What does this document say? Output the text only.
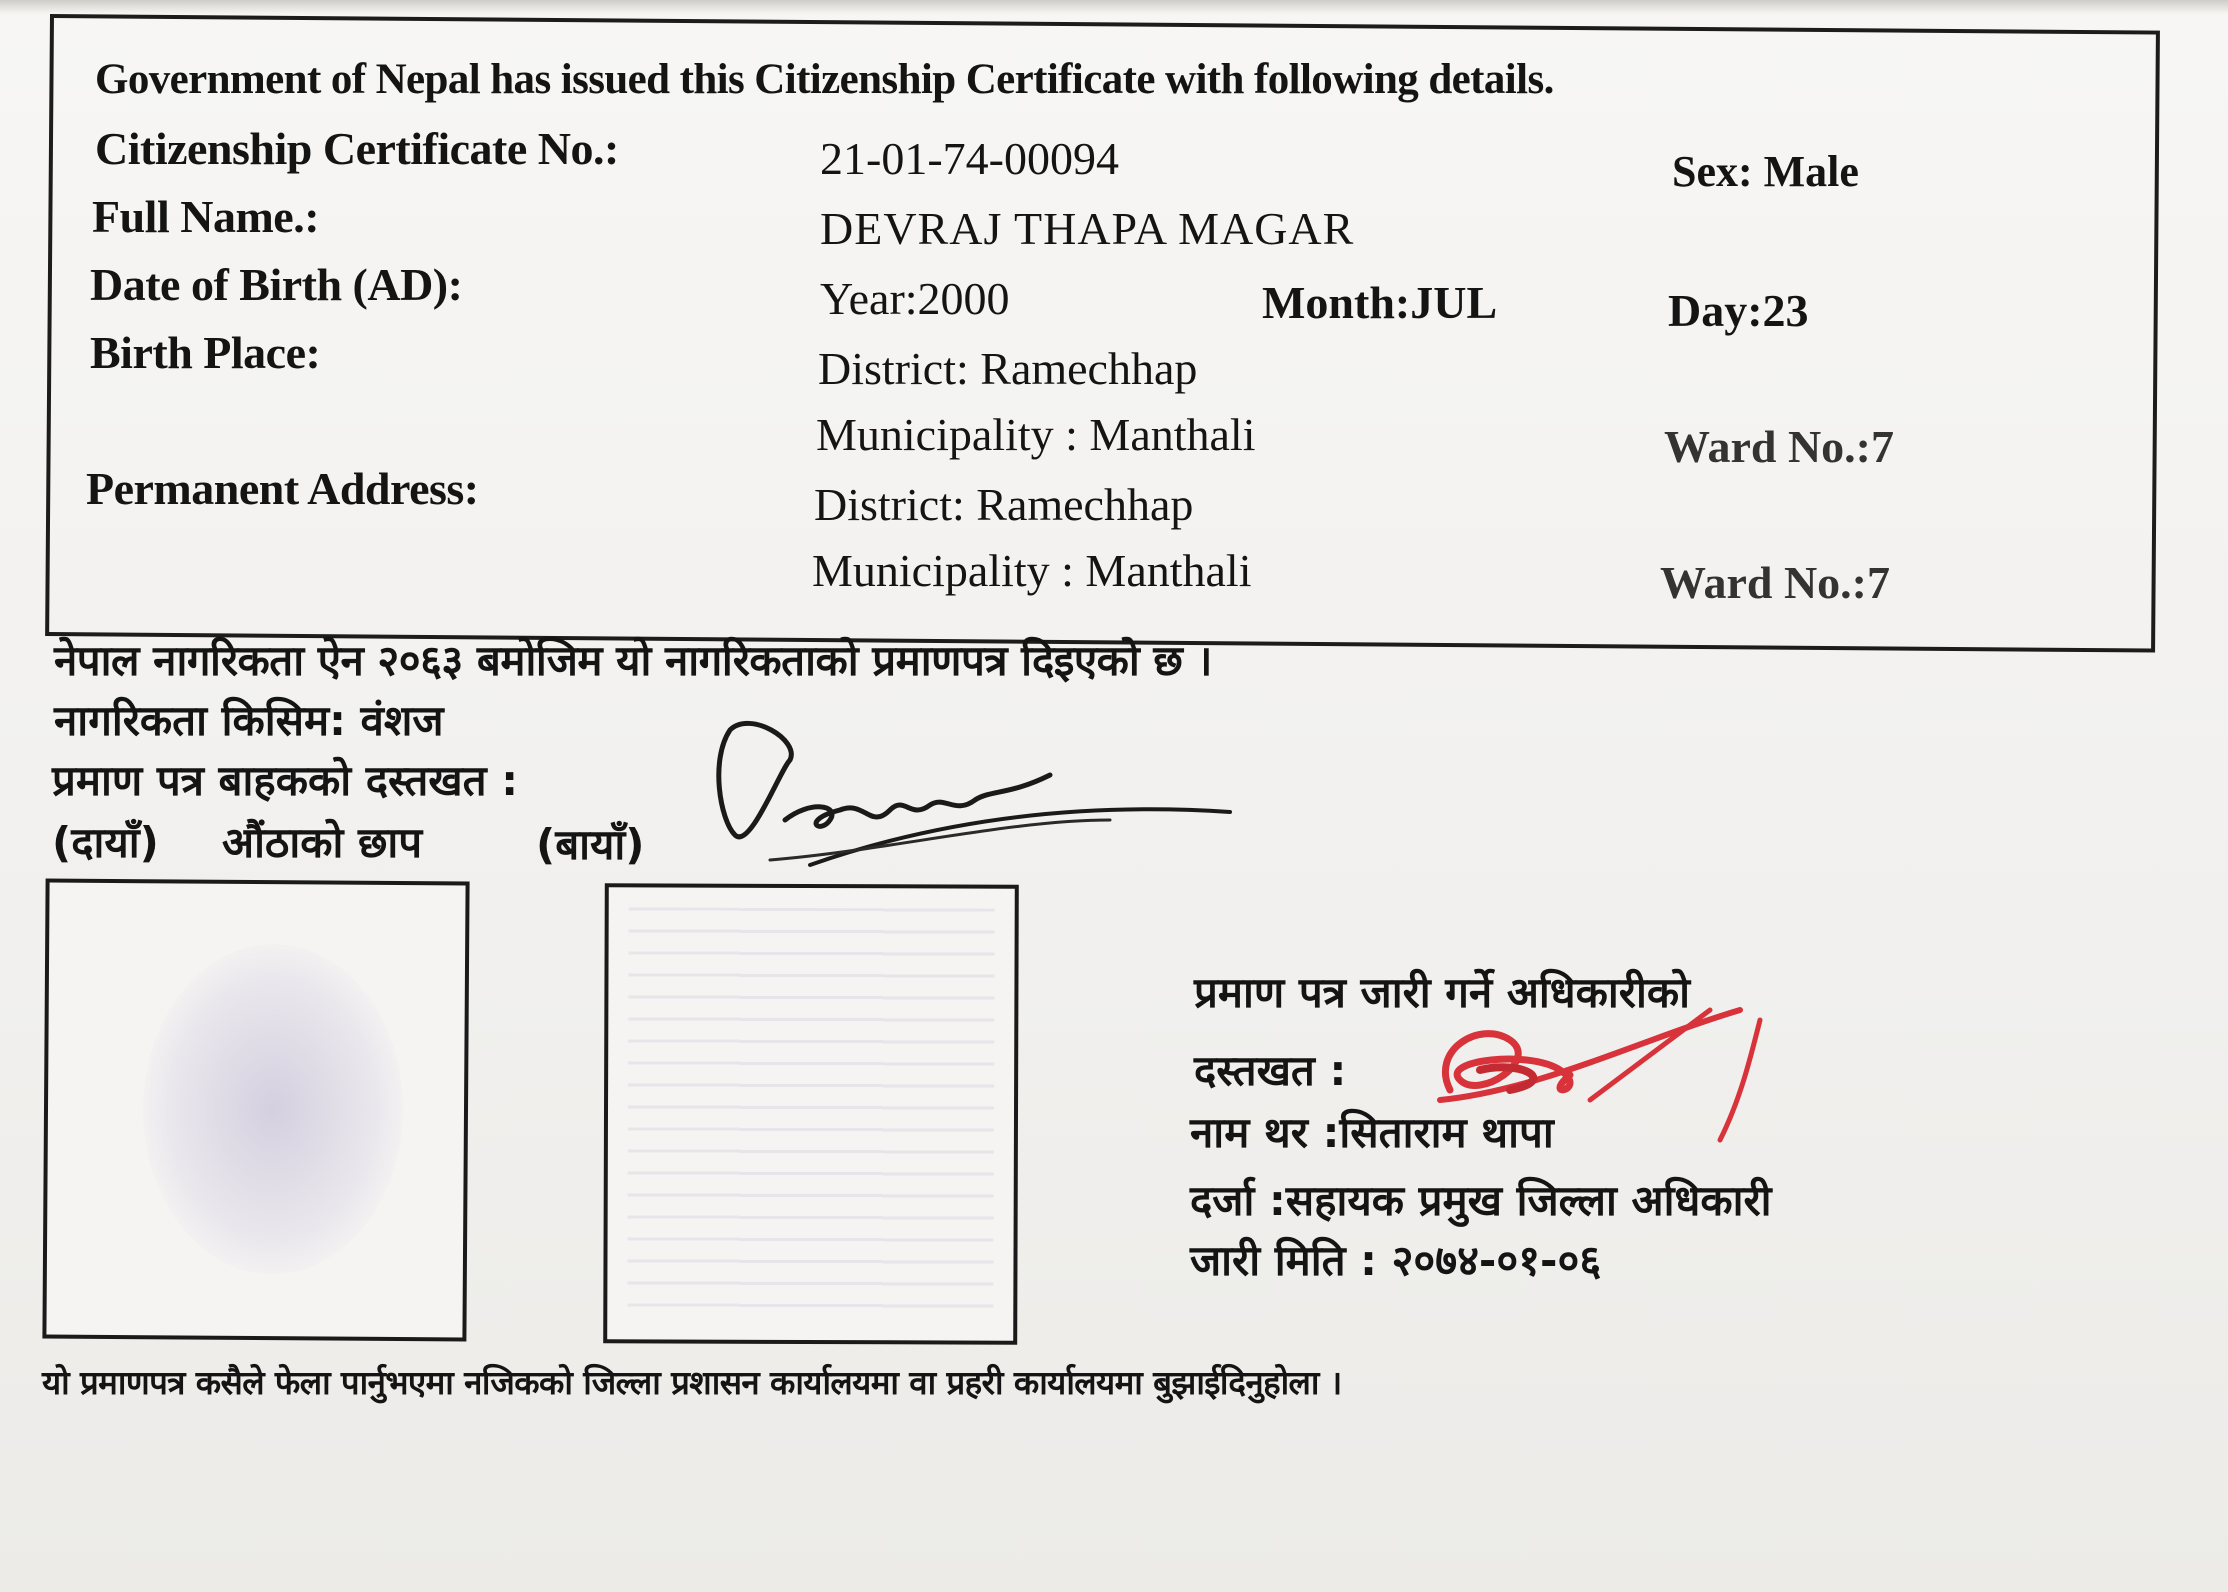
Government of Nepal has issued this Citizenship Certificate with following details.
Citizenship Certificate No.:	21-01-74-00094	Sex: Male
Full Name.:	DEVRAJ THAPA MAGAR
Date of Birth (AD):	Year:2000	Month:JUL	Day:23
Birth Place:	District: Ramechhap
Municipality : Manthali	Ward No.:7
Permanent Address:	District: Ramechhap
Municipality : Manthali	Ward No.:7
नेपाल नागरिकता ऐन २०६३ बमोजिम यो नागरिकताको प्रमाणपत्र दिइएको छ ।
नागरिकता किसिम: वंशज
प्रमाण पत्र बाहकको दस्तखत :
(दायाँ) औंठाको छाप	(बायाँ)
प्रमाण पत्र जारी गर्ने अधिकारीको
दस्तखत :
नाम थर :सिताराम थापा
दर्जा :सहायक प्रमुख जिल्ला अधिकारी
जारी मिति : २०७४-०१-०६
यो प्रमाणपत्र कसैले फेला पार्नुभएमा नजिकको जिल्ला प्रशासन कार्यालयमा वा प्रहरी कार्यालयमा बुझाईदिनुहोला ।
